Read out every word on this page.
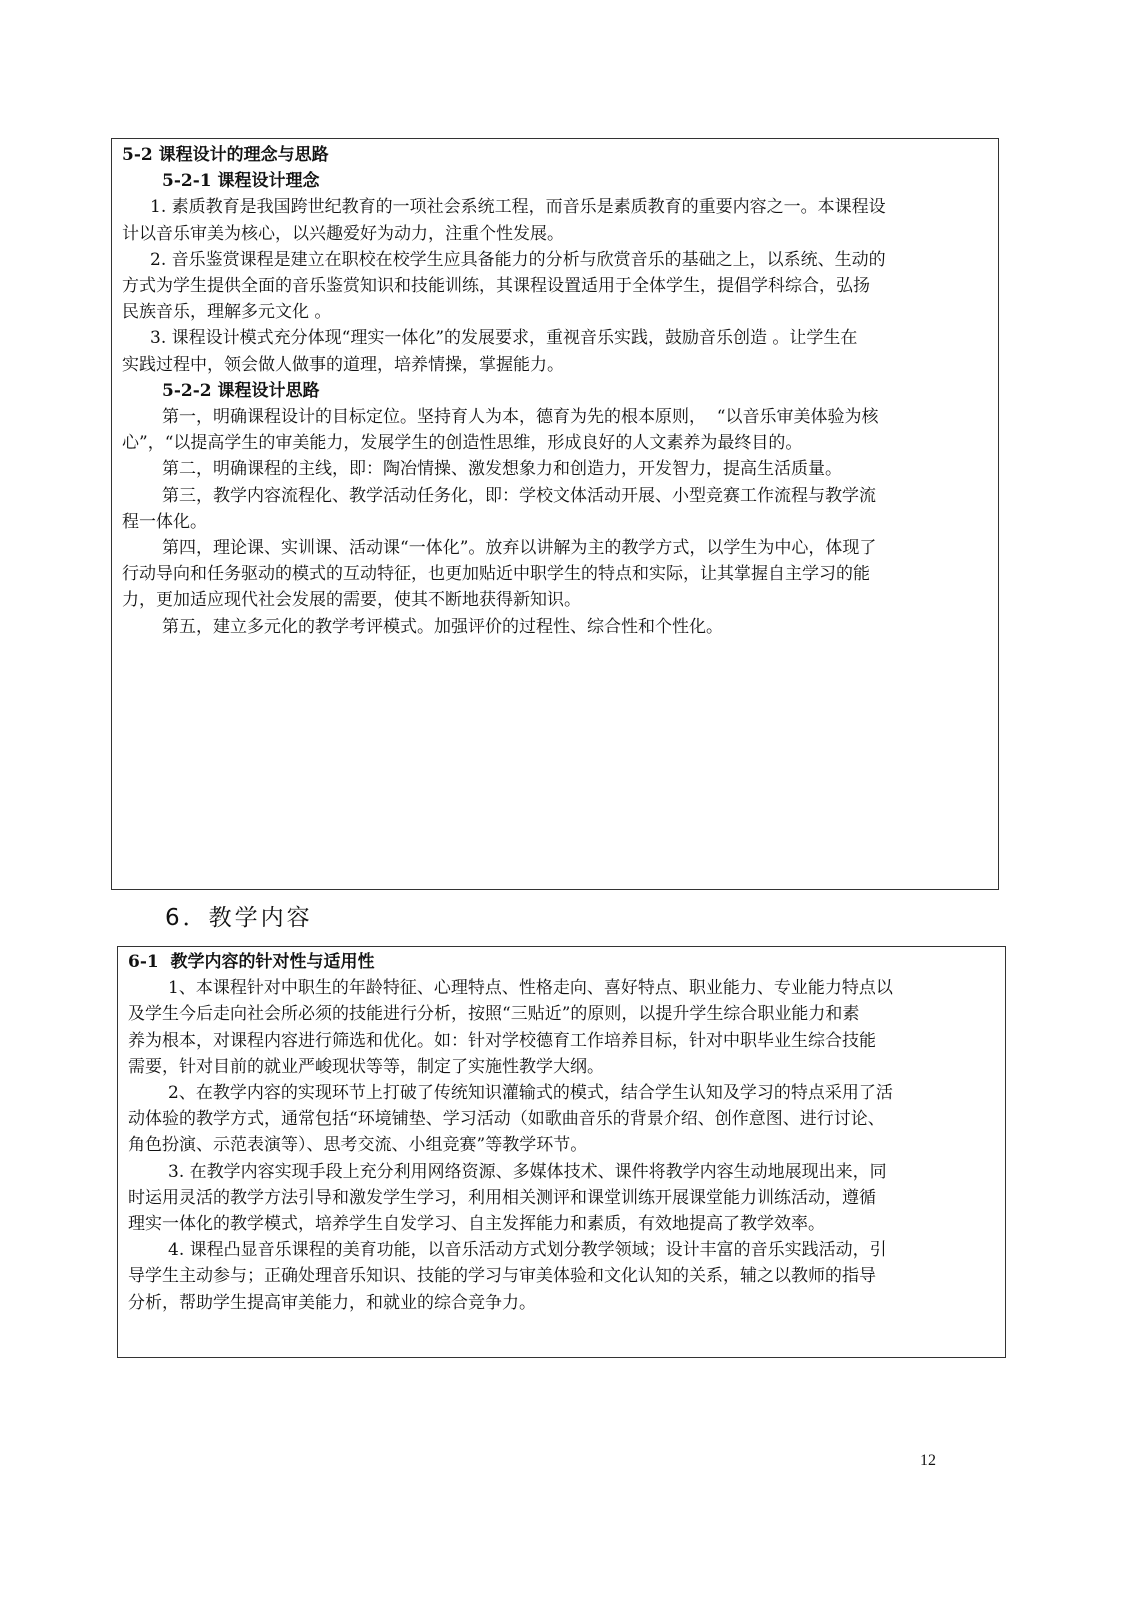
5-2 课程设计的理念与思路
5-2-1 课程设计理念
1. 素质教育是我国跨世纪教育的一项社会系统工程，而音乐是素质教育的重要内容之一。本课程设
计以音乐审美为核心，以兴趣爱好为动力，注重个性发展。
2. 音乐鉴赏课程是建立在职校在校学生应具备能力的分析与欣赏音乐的基础之上，以系统、生动的
方式为学生提供全面的音乐鉴赏知识和技能训练，其课程设置适用于全体学生，提倡学科综合，弘扬
民族音乐，理解多元文化 。
3. 课程设计模式充分体现“理实一体化”的发展要求，重视音乐实践，鼓励音乐创造 。让学生在
实践过程中，领会做人做事的道理，培养情操，掌握能力。
5-2-2 课程设计思路
第一，明确课程设计的目标定位。坚持育人为本，德育为先的根本原则，  “以音乐审美体验为核
心”，“以提高学生的审美能力，发展学生的创造性思维，形成良好的人文素养为最终目的。
第二，明确课程的主线，即：陶冶情操、激发想象力和创造力，开发智力，提高生活质量。
第三，教学内容流程化、教学活动任务化，即：学校文体活动开展、小型竞赛工作流程与教学流
程一体化。
第四，理论课、实训课、活动课“一体化”。放弃以讲解为主的教学方式，以学生为中心，体现了
行动导向和任务驱动的模式的互动特征，也更加贴近中职学生的特点和实际，让其掌握自主学习的能
力，更加适应现代社会发展的需要，使其不断地获得新知识。
第五，建立多元化的教学考评模式。加强评价的过程性、综合性和个性化。
6．教学内容
6-1  教学内容的针对性与适用性
1、本课程针对中职生的年龄特征、心理特点、性格走向、喜好特点、职业能力、专业能力特点以
及学生今后走向社会所必须的技能进行分析，按照“三贴近”的原则，以提升学生综合职业能力和素
养为根本，对课程内容进行筛选和优化。如：针对学校德育工作培养目标，针对中职毕业生综合技能
需要，针对目前的就业严峻现状等等，制定了实施性教学大纲。
2、在教学内容的实现环节上打破了传统知识灌输式的模式，结合学生认知及学习的特点采用了活
动体验的教学方式，通常包括“环境铺垫、学习活动（如歌曲音乐的背景介绍、创作意图、进行讨论、
角色扮演、示范表演等）、思考交流、小组竞赛”等教学环节。
3. 在教学内容实现手段上充分利用网络资源、多媒体技术、课件将教学内容生动地展现出来，同
时运用灵活的教学方法引导和激发学生学习，利用相关测评和课堂训练开展课堂能力训练活动，遵循
理实一体化的教学模式，培养学生自发学习、自主发挥能力和素质，有效地提高了教学效率。
4. 课程凸显音乐课程的美育功能，以音乐活动方式划分教学领域；设计丰富的音乐实践活动，引
导学生主动参与；正确处理音乐知识、技能的学习与审美体验和文化认知的关系，辅之以教师的指导
分析，帮助学生提高审美能力，和就业的综合竞争力。
12
